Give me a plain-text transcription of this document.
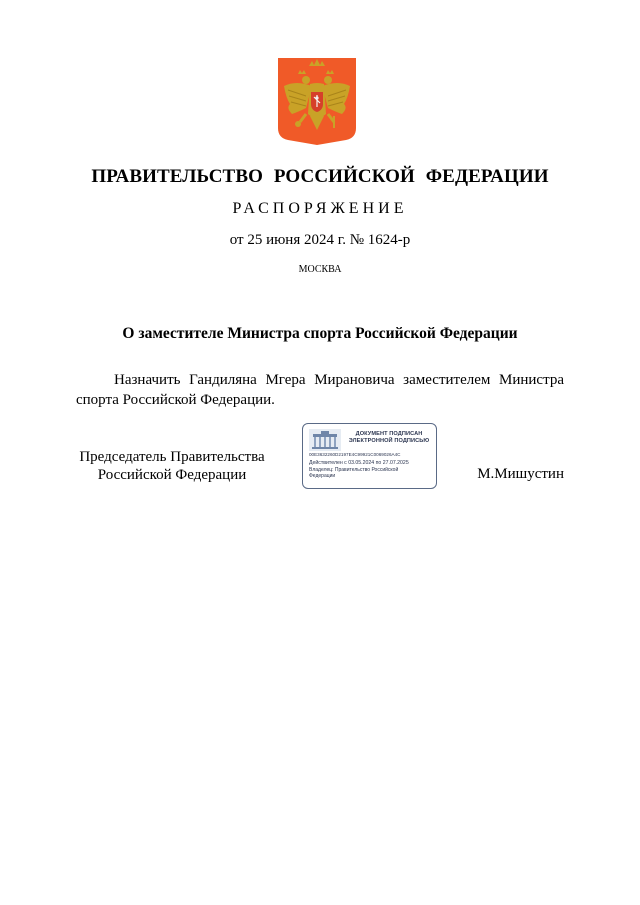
ПРАВИТЕЛЬСТВО РОССИЙСКОЙ ФЕДЕРАЦИИ
РАСПОРЯЖЕНИЕ
от 25 июня 2024 г. № 1624-р
МОСКВА
О заместителе Министра спорта Российской Федерации
Назначить Гандиляна Мгера Мирановича заместителем Министра спорта Российской Федерации.
Председатель Правительства
Российской Федерации
ДОКУМЕНТ ПОДПИСАН
ЭЛЕКТРОННОЙ ПОДПИСЬЮ
00E3632260D2197E4C99921C0069026A4C
Действителен с 03.05.2024 по 27.07.2025
Владелец: Правительство Российской Федерации	М.Мишустин
